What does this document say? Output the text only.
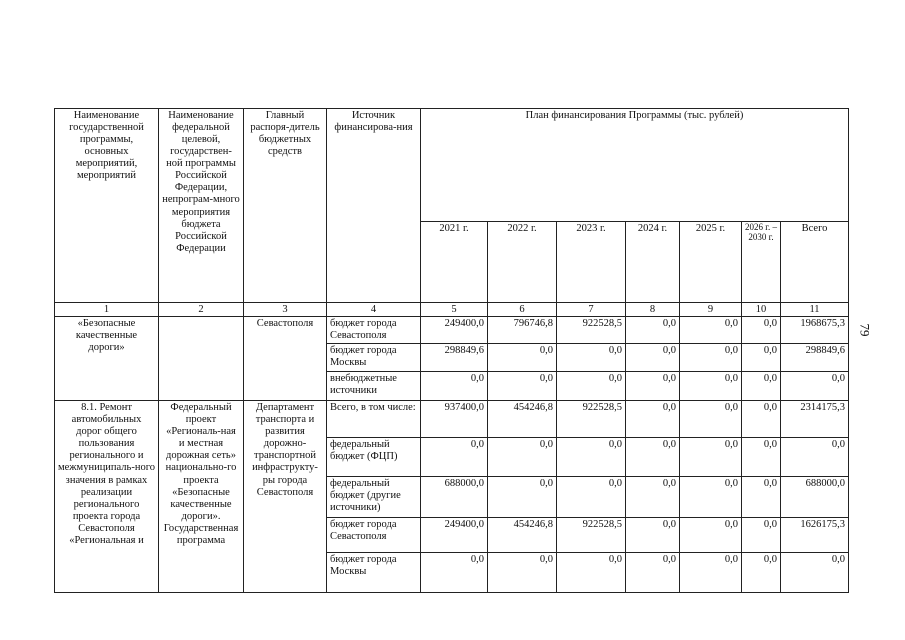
Наименование государственной программы, основных мероприятий, мероприятий	Наименование федеральной целевой, государствен-ной программы Российской Федерации, непрограм-много мероприятия бюджета Российской Федерации	Главный распоря-дитель бюджетных средств	Источник финансирова-ния	План финансирования Программы (тыс. рублей)						
				2021 г.	2022 г.	2023 г.	2024 г.	2025 г.	2026 г. – 2030 г.	Всего
1	2	3	4	5	6	7	8	9	10	11
«Безопасные качественные дороги»		Севастополя	бюджет города Севастополя	249400,0	796746,8	922528,5	0,0	0,0	0,0	1968675,3
			бюджет города Москвы	298849,6	0,0	0,0	0,0	0,0	0,0	298849,6
			внебюджетные источники	0,0	0,0	0,0	0,0	0,0	0,0	0,0
8.1. Ремонт автомобильных дорог общего пользования регионального и межмуниципаль-ного значения в рамках реализации регионального проекта города Севастополя «Региональная и	Федеральный проект «Региональ-ная и местная дорожная сеть» национально-го проекта «Безопасные качественные дороги». Государственная программа	Департамент транспорта и развития дорожно-транспортной инфраструкту-ры города Севастополя	Всего, в том числе:	937400,0	454246,8	922528,5	0,0	0,0	0,0	2314175,3
			федеральный бюджет (ФЦП)	0,0	0,0	0,0	0,0	0,0	0,0	0,0
			федеральный бюджет (другие источники)	688000,0	0,0	0,0	0,0	0,0	0,0	688000,0
			бюджет города Севастополя	249400,0	454246,8	922528,5	0,0	0,0	0,0	1626175,3
			бюджет города Москвы	0,0	0,0	0,0	0,0	0,0	0,0	0,0
79
